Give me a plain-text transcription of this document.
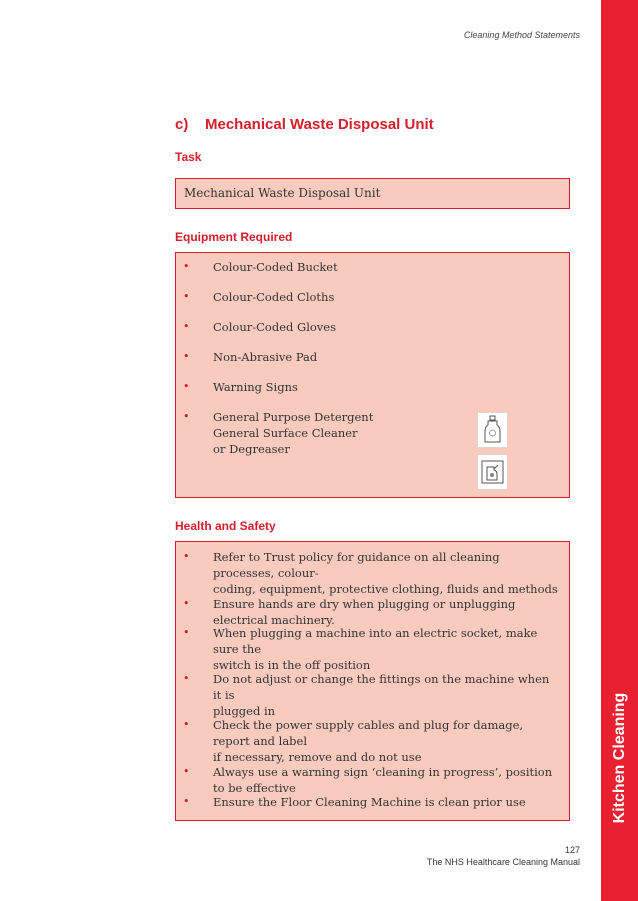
Cleaning Method Statements
Kitchen Cleaning
c) Mechanical Waste Disposal Unit
Task
Mechanical Waste Disposal Unit
Equipment Required
• Colour-Coded Bucket
• Colour-Coded Cloths
• Colour-Coded Gloves
• Non-Abrasive Pad
• Warning Signs
• General Purpose Detergent
General Surface Cleaner
or Degreaser
Health and Safety
• Refer to Trust policy for guidance on all cleaning processes, colour-
coding, equipment, protective clothing, fluids and methods
• Ensure hands are dry when plugging or unplugging electrical machinery.
• When plugging a machine into an electric socket, make sure the
switch is in the off position
• Do not adjust or change the fittings on the machine when it is
plugged in
• Check the power supply cables and plug for damage, report and label
if necessary, remove and do not use
• Always use a warning sign ‘cleaning in progress’, position to be effective
• Ensure the Floor Cleaning Machine is clean prior use
127
The NHS Healthcare Cleaning Manual
